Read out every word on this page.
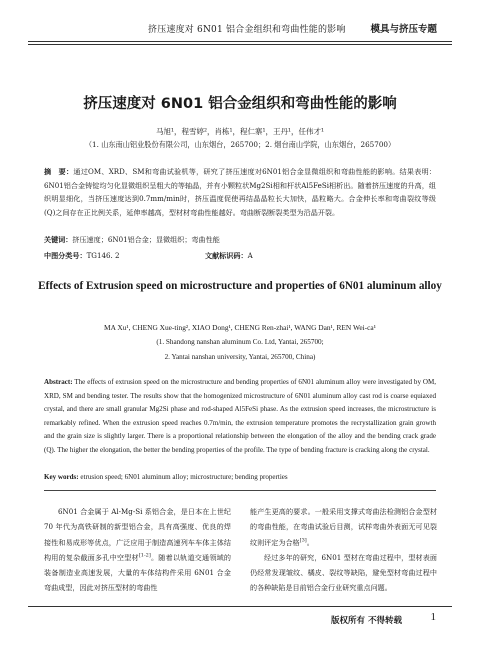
挤压速度对 6N01 铝合金组织和弯曲性能的影响	模具与挤压专题
挤压速度对 6N01 铝合金组织和弯曲性能的影响
马旭¹，程雪婷²，肖栋¹，程仁寨¹，王丹¹，任伟才¹
（1. 山东南山铝业股份有限公司，山东烟台，265700；2. 烟台南山学院，山东烟台，265700）
摘　要：通过OM、XRD、SM和弯曲试验机等，研究了挤压速度对6N01铝合金显微组织和弯曲性能的影响。结果表明：6N01铝合金铸锭均匀化显微组织呈粗大的等轴晶，并有小颗粒状Mg2Si相和杆状Al5FeSi相析出。随着挤压速度的升高，组织明显细化，当挤压速度达到0.7mm/min时，挤压温度促使再结晶晶粒长大加快，晶粒略大。合金伸长率和弯曲裂纹等级(Q)之间存在正比例关系，延伸率越高，型材材弯曲性能越好。弯曲断裂断裂类型为沿晶开裂。
关键词：挤压速度；6N01铝合金；显微组织；弯曲性能
中图分类号：TG146. 2	文献标识码：A
Effects of Extrusion speed on microstructure and properties of 6N01 aluminum alloy
MA Xu¹, CHENG Xue-ting², XIAO Dong¹, CHENG Ren-zhai¹, WANG Dan¹, REN Wei-ca¹
(1. Shandong nanshan aluminum Co. Ltd, Yantai, 265700;
2. Yantai nanshan university, Yantai, 265700, China)
Abstract: The effects of extrusion speed on the microstructure and bending properties of 6N01 aluminum alloy were investigated by OM, XRD, SM and bending tester. The results show that the homogenized microstructure of 6N01 aluminum alloy cast rod is coarse equiaxed crystal, and there are small granular Mg2Si phase and rod-shaped Al5FeSi phase. As the extrusion speed increases, the microstructure is remarkably refined. When the extrusion speed reaches 0.7m/min, the extrusion temperature promotes the recrystallization grain growth and the grain size is slightly larger. There is a proportional relationship between the elongation of the alloy and the bending crack grade (Q). The higher the elongation, the better the bending properties of the profile. The type of bending fracture is cracking along the crystal.
Key words: etrusion speed; 6N01 aluminum alloy; microstructure; bending properties

6N01 合金属于 Al-Mg-Si 系铝合金，是日本在上世纪 70 年代为高铁研制的新型铝合金，具有高强度、优良的焊接性和易成形等优点，广泛应用于制造高速列车车体主体结构用的复杂截面多孔中空型材[1-2]。随着以轨道交通领域的装备制造业高速发展，大量的车体结构件采用 6N01 合金弯曲成型，因此对挤压型材的弯曲性

能产生更高的要求。一般采用支撑式弯曲法检测铝合金型材的弯曲性能，在弯曲试验后目测，试样弯曲外表面无可见裂纹则评定为合格[3]。

经过多年的研究，6N01 型材在弯曲过程中，型材表面仍经常发现皱纹、橘皮、裂纹等缺陷，避免型材弯曲过程中的各种缺陷是目前铝合金行业研究重点问题。

版权所有 不得转载	1
